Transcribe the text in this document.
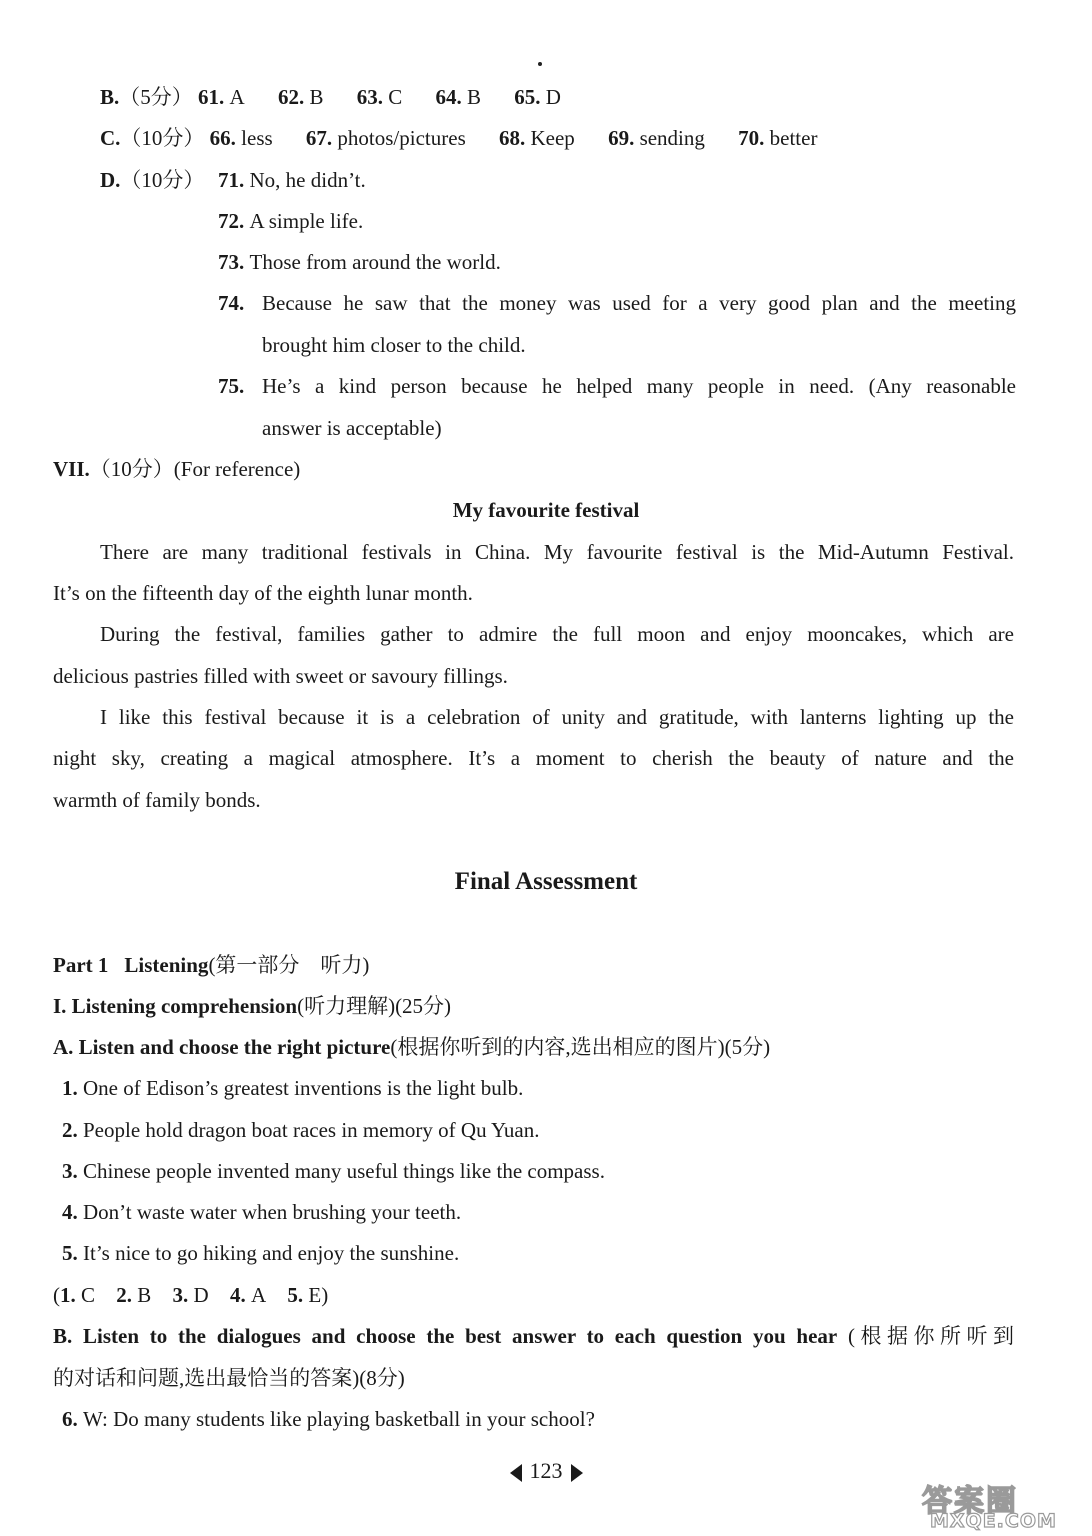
B.（5分） 61. A 62. B 63. C 64. B 65. D
C.（10分） 66. less 67. photos/pictures 68. Keep 69. sending 70. better
D.（10分） 71. No, he didn’t.
72. A simple life.
73. Those from around the world.
74. Because he saw that the money was used for a very good plan and the meeting
brought him closer to the child.
75. He’s a kind person because he helped many people in need. (Any reasonable
answer is acceptable)
VII.（10分）(For reference)
My favourite festival
There are many traditional festivals in China. My favourite festival is the Mid-Autumn Festival.
It’s on the fifteenth day of the eighth lunar month.
During the festival, families gather to admire the full moon and enjoy mooncakes, which are
delicious pastries filled with sweet or savoury fillings.
I like this festival because it is a celebration of unity and gratitude, with lanterns lighting up the
night sky, creating a magical atmosphere. It’s a moment to cherish the beauty of nature and the
warmth of family bonds.
Final Assessment
Part 1 Listening(第一部分　听力)
I. Listening comprehension(听力理解)(25分)
A. Listen and choose the right picture(根据你听到的内容,选出相应的图片)(5分)
1. One of Edison’s greatest inventions is the light bulb.
2. People hold dragon boat races in memory of Qu Yuan.
3. Chinese people invented many useful things like the compass.
4. Don’t waste water when brushing your teeth.
5. It’s nice to go hiking and enjoy the sunshine.
(1. C 2. B 3. D 4. A 5. E)
B. Listen to the dialogues and choose the best answer to each question you hear (根据你所听到
的对话和问题,选出最恰当的答案)(8分)
6. W: Do many students like playing basketball in your school?
123
答案圈
MXQE.COM
